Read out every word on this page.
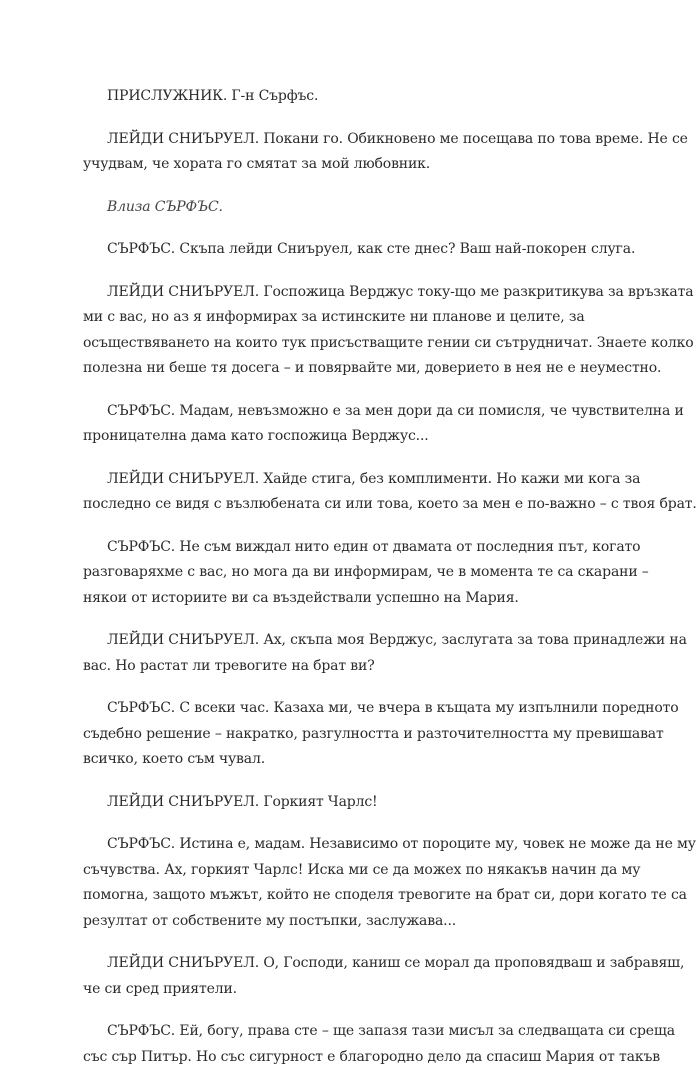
ПРИСЛУЖНИК. Г-н Сърфъс.

ЛЕЙДИ СНИЪРУЕЛ. Покани го. Обикновено ме посещава по това време. Не се
учудвам, че хората го смятат за мой любовник.

Влиза СЪРФЪС.

СЪРФЪС. Скъпа лейди Сниъруел, как сте днес? Ваш най-покорен слуга.

ЛЕЙДИ СНИЪРУЕЛ. Госпожица Верджус току-що ме разкритикува за връзката
ми с вас, но аз я информирах за истинските ни планове и целите, за
осъществяването на които тук присъстващите гении си сътрудничат. Знаете колко
полезна ни беше тя досега – и повярвайте ми, доверието в нея не е неуместно.

СЪРФЪС. Мадам, невъзможно е за мен дори да си помисля, че чувствителна и
проницателна дама като госпожица Верджус...

ЛЕЙДИ СНИЪРУЕЛ. Хайде стига, без комплименти. Но кажи ми кога за
последно се видя с възлюбената си или това, което за мен е по-важно – с твоя брат.

СЪРФЪС. Не съм виждал нито един от двамата от последния път, когато
разговаряхме с вас, но мога да ви информирам, че в момента те са скарани –
някои от историите ви са въздействали успешно на Мария.

ЛЕЙДИ СНИЪРУЕЛ. Ах, скъпа моя Верджус, заслугата за това принадлежи на
вас. Но растат ли тревогите на брат ви?

СЪРФЪС. С всеки час. Казаха ми, че вчера в къщата му изпълнили поредното
съдебно решение – накратко, разгулността и разточителността му превишават
всичко, което съм чувал.

ЛЕЙДИ СНИЪРУЕЛ. Горкият Чарлс!

СЪРФЪС. Истина е, мадам. Независимо от пороците му, човек не може да не му
съчувства. Ах, горкият Чарлс! Иска ми се да можех по някакъв начин да му
помогна, защото мъжът, който не споделя тревогите на брат си, дори когато те са
резултат от собствените му постъпки, заслужава...

ЛЕЙДИ СНИЪРУЕЛ. О, Господи, каниш се морал да проповядваш и забравяш,
че си сред приятели.

СЪРФЪС. Ей, богу, права сте – ще запазя тази мисъл за следващата си среща
със сър Питър. Но със сигурност е благородно дело да спасиш Мария от такъв
